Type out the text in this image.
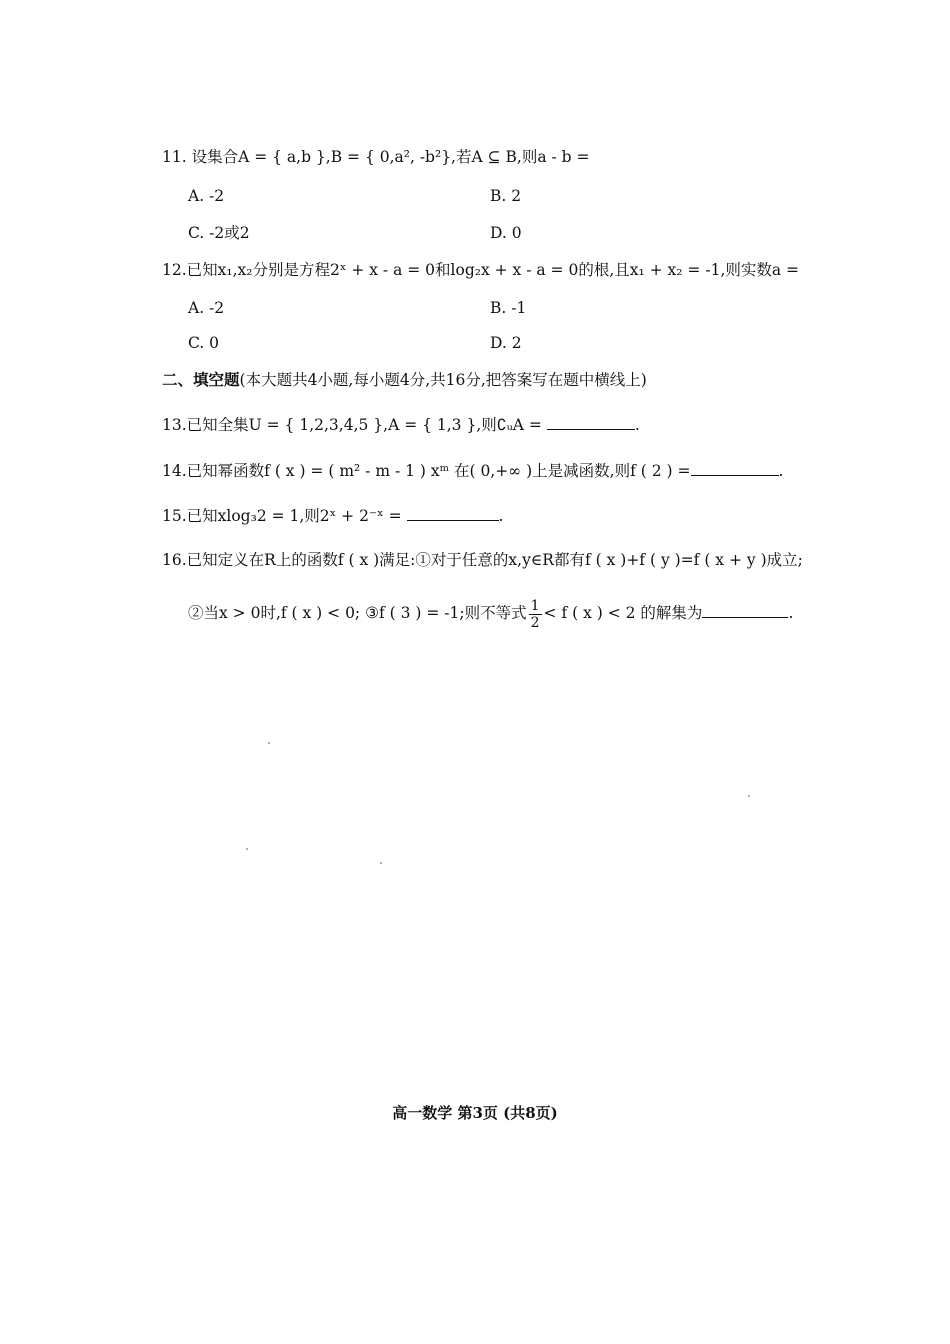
11. 设集合A = { a,b },B = { 0,a², -b²},若A ⊆ B,则a - b =
A. -2	B. 2
C. -2或2	D. 0
12.已知x₁,x₂分别是方程2ˣ + x - a = 0和log₂x + x - a = 0的根,且x₁ + x₂ = -1,则实数a =
A. -2	B. -1
C. 0	D. 2
二、填空题(本大题共4小题,每小题4分,共16分,把答案写在题中横线上)
13.已知全集U = { 1,2,3,4,5 },A = { 1,3 },则∁ᵤA =	.
14.已知幂函数f ( x ) = ( m² - m - 1 ) xᵐ 在( 0,+∞ )上是减函数,则f ( 2 ) =	.
15.已知xlog₃2 = 1,则2ˣ + 2⁻ˣ =	.
16.已知定义在R上的函数f ( x )满足:①对于任意的x,y∈R都有f ( x )+f ( y )=f ( x + y )成立;
②当x > 0时,f ( x ) < 0; ③f ( 3 ) = -1;则不等式 $\frac{1}{2} < f$ ( x ) < 2 的解集为	.
高一数学 第3页 (共8页)
